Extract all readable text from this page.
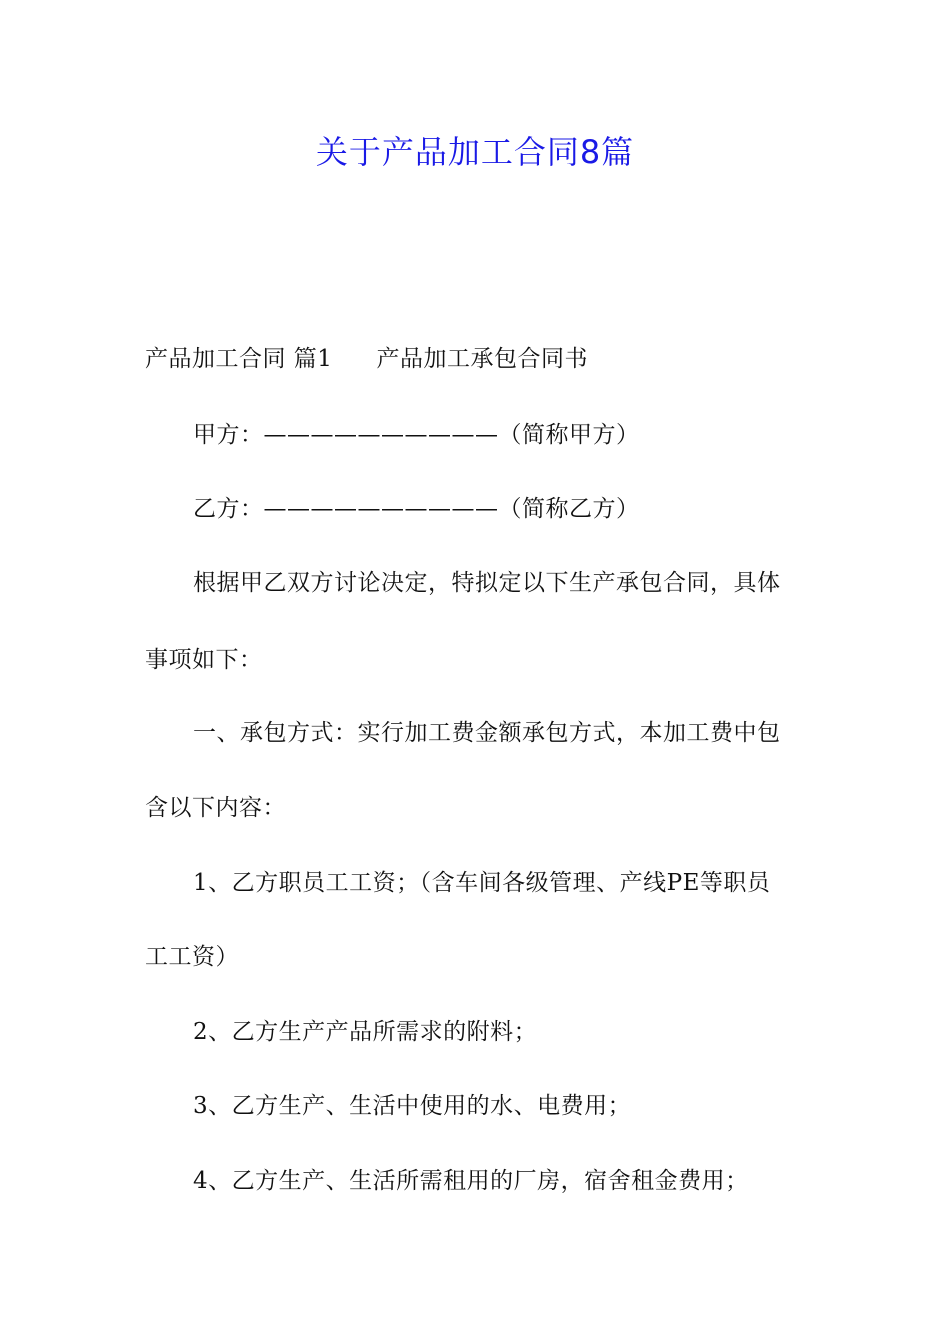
关于产品加工合同8篇
产品加工合同 篇1 产品加工承包合同书
甲方：——————————（简称甲方）
乙方：——————————（简称乙方）
根据甲乙双方讨论决定，特拟定以下生产承包合同，具体
事项如下：
一、承包方式：实行加工费金额承包方式，本加工费中包
含以下内容：
1、乙方职员工工资；（含车间各级管理、产线PE等职员
工工资）
2、乙方生产产品所需求的附料；
3、乙方生产、生活中使用的水、电费用；
4、乙方生产、生活所需租用的厂房，宿舍租金费用；
